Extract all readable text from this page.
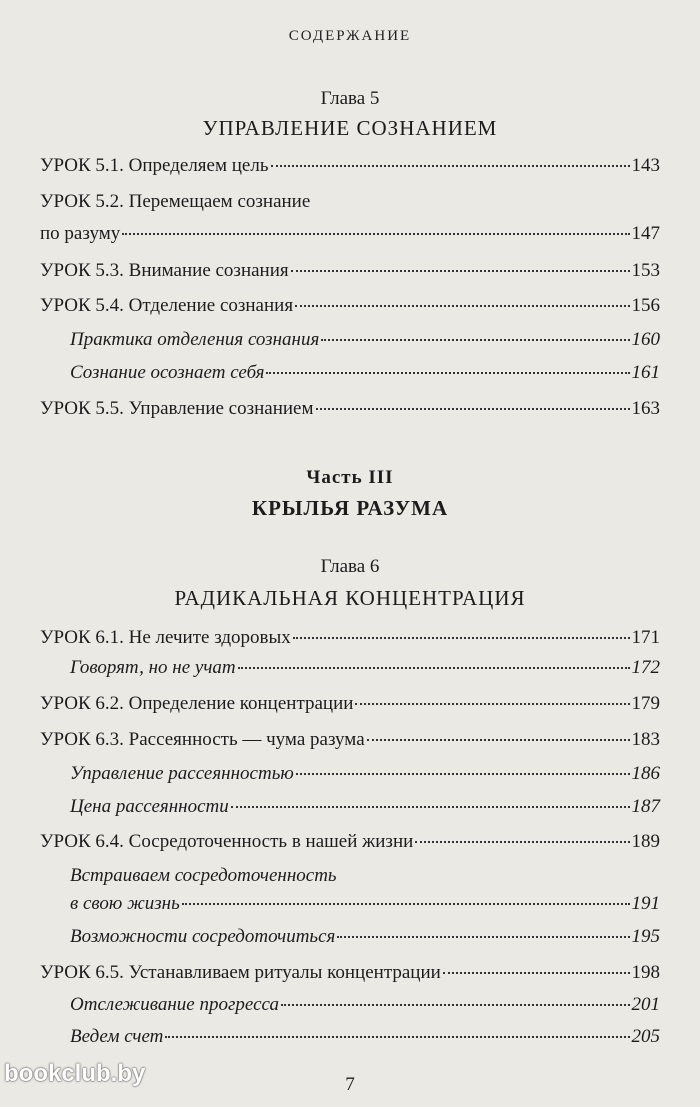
СОДЕРЖАНИЕ
Глава 5
УПРАВЛЕНИЕ СОЗНАНИЕМ
УРОК 5.1. Определяем цель	143
УРОК 5.2. Перемещаем сознание
по разуму	147
УРОК 5.3. Внимание сознания	153
УРОК 5.4. Отделение сознания	156
Практика отделения сознания	160
Сознание осознает себя	161
УРОК 5.5. Управление сознанием	163
Часть III
КРЫЛЬЯ РАЗУМА
Глава 6
РАДИКАЛЬНАЯ КОНЦЕНТРАЦИЯ
УРОК 6.1. Не лечите здоровых	171
Говорят, но не учат	172
УРОК 6.2. Определение концентрации	179
УРОК 6.3. Рассеянность — чума разума	183
Управление рассеянностью	186
Цена рассеянности	187
УРОК 6.4. Сосредоточенность в нашей жизни	189
Встраиваем сосредоточенность
в свою жизнь	191
Возможности сосредоточиться	195
УРОК 6.5. Устанавливаем ритуалы концентрации	198
Отслеживание прогресса	201
Ведем счет	205
7
bookclub.by
